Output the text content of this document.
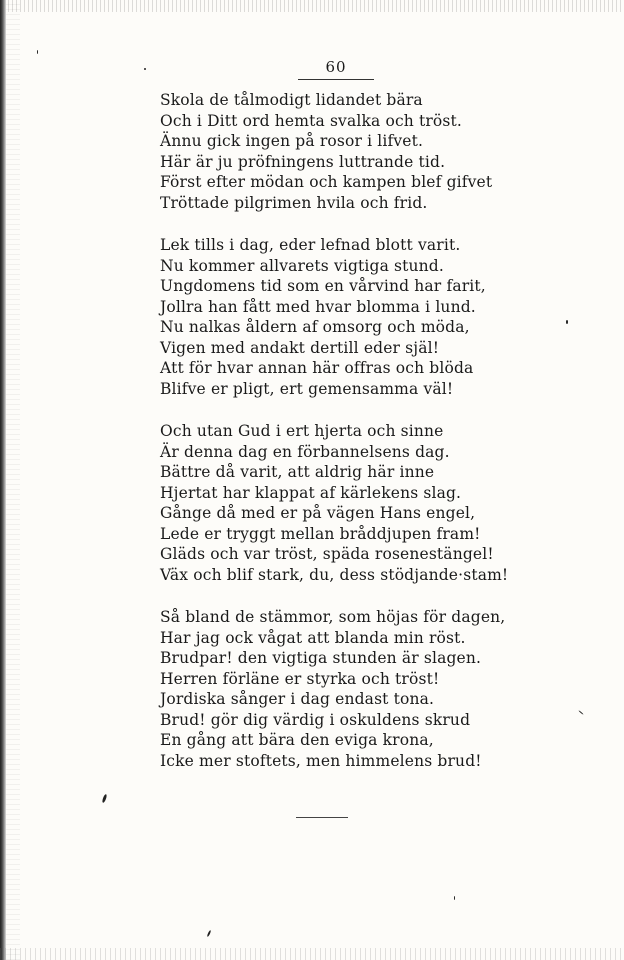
60
Skola de tålmodigt lidandet bära
Och i Ditt ord hemta svalka och tröst.
Ännu gick ingen på rosor i lifvet.
Här är ju pröfningens luttrande tid.
Först efter mödan och kampen blef gifvet
Tröttade pilgrimen hvila och frid.
Lek tills i dag, eder lefnad blott varit.
Nu kommer allvarets vigtiga stund.
Ungdomens tid som en vårvind har farit,
Jollra han fått med hvar blomma i lund.
Nu nalkas åldern af omsorg och möda,
Vigen med andakt dertill eder själ!
Att för hvar annan här offras och blöda
Blifve er pligt, ert gemensamma väl!
Och utan Gud i ert hjerta och sinne
Är denna dag en förbannelsens dag.
Bättre då varit, att aldrig här inne
Hjertat har klappat af kärlekens slag.
Gånge då med er på vägen Hans engel,
Lede er tryggt mellan bråddjupen fram!
Gläds och var tröst, späda rosenestängel!
Väx och blif stark, du, dess stödjande·stam!
Så bland de stämmor, som höjas för dagen,
Har jag ock vågat att blanda min röst.
Brudpar! den vigtiga stunden är slagen.
Herren förläne er styrka och tröst!
Jordiska sånger i dag endast tona.
Brud! gör dig värdig i oskuldens skrud
En gång att bära den eviga krona,
Icke mer stoftets, men himmelens brud!
